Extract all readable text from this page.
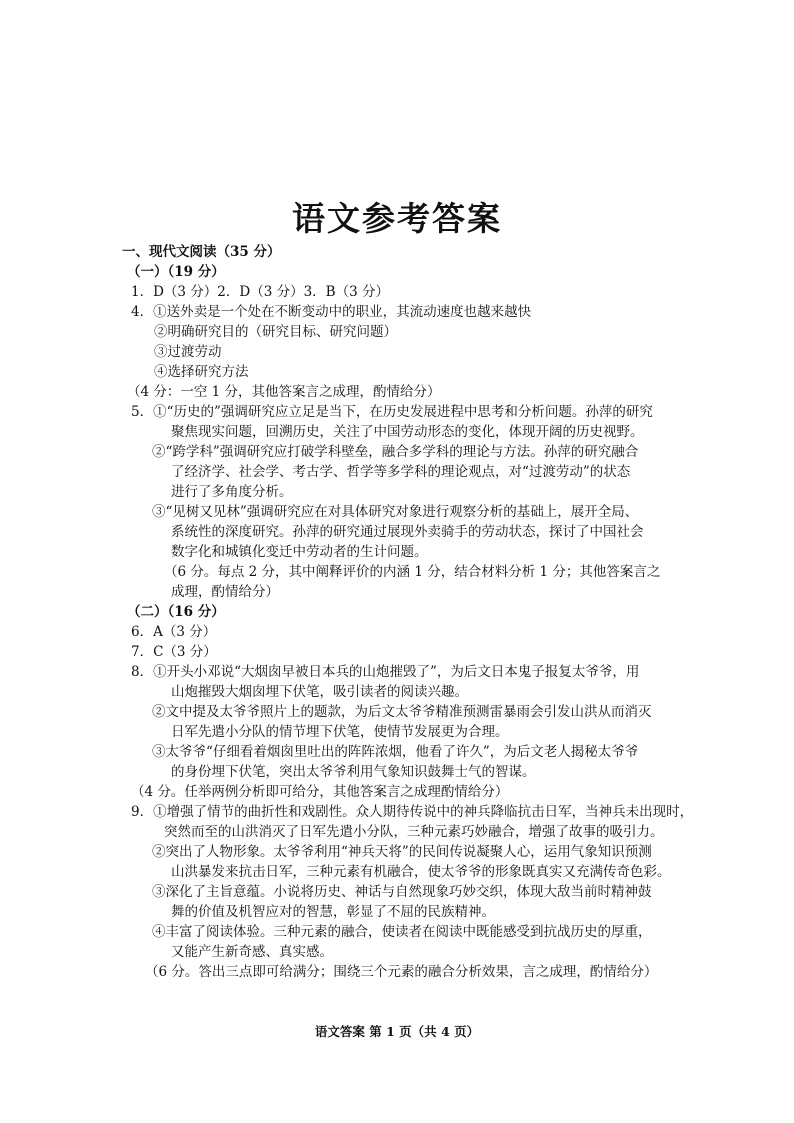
语文参考答案
一、现代文阅读（35 分）
（一）（19 分）
1．D（3 分）2．D（3 分）3．B（3 分）
4．①送外卖是一个处在不断变动中的职业，其流动速度也越来越快
②明确研究目的（研究目标、研究问题）
③过渡劳动
④选择研究方法
（4 分：一空 1 分，其他答案言之成理，酌情给分）
5．①“历史的”强调研究应立足是当下，在历史发展进程中思考和分析问题。孙萍的研究
聚焦现实问题，回溯历史，关注了中国劳动形态的变化，体现开阔的历史视野。
②“跨学科”强调研究应打破学科壁垒，融合多学科的理论与方法。孙萍的研究融合
了经济学、社会学、考古学、哲学等多学科的理论观点，对“过渡劳动”的状态
进行了多角度分析。
③“见树又见林”强调研究应在对具体研究对象进行观察分析的基础上，展开全局、
系统性的深度研究。孙萍的研究通过展现外卖骑手的劳动状态，探讨了中国社会
数字化和城镇化变迁中劳动者的生计问题。
（6 分。每点 2 分，其中阐释评价的内涵 1 分，结合材料分析 1 分；其他答案言之
成理，酌情给分）
（二）（16 分）
6．A（3 分）
7．C（3 分）
8．①开头小邓说“大烟囱早被日本兵的山炮摧毁了”，为后文日本鬼子报复太爷爷，用
山炮摧毁大烟囱埋下伏笔，吸引读者的阅读兴趣。
②文中提及太爷爷照片上的题款，为后文太爷爷精准预测雷暴雨会引发山洪从而消灭
日军先遣小分队的情节埋下伏笔，使情节发展更为合理。
③太爷爷“仔细看着烟囱里吐出的阵阵浓烟，他看了许久”，为后文老人揭秘太爷爷
的身份埋下伏笔，突出太爷爷利用气象知识鼓舞士气的智谋。
（4 分。任举两例分析即可给分，其他答案言之成理酌情给分）
9．①增强了情节的曲折性和戏剧性。众人期待传说中的神兵降临抗击日军，当神兵未出现时，
突然而至的山洪消灭了日军先遣小分队，三种元素巧妙融合，增强了故事的吸引力。
②突出了人物形象。太爷爷利用“神兵天将”的民间传说凝聚人心，运用气象知识预测
山洪暴发来抗击日军，三种元素有机融合，使太爷爷的形象既真实又充满传奇色彩。
③深化了主旨意蕴。小说将历史、神话与自然现象巧妙交织，体现大敌当前时精神鼓
舞的价值及机智应对的智慧，彰显了不屈的民族精神。
④丰富了阅读体验。三种元素的融合，使读者在阅读中既能感受到抗战历史的厚重，
又能产生新奇感、真实感。
（6 分。答出三点即可给满分；围绕三个元素的融合分析效果，言之成理，酌情给分）
语文答案 第 1 页（共 4 页）
